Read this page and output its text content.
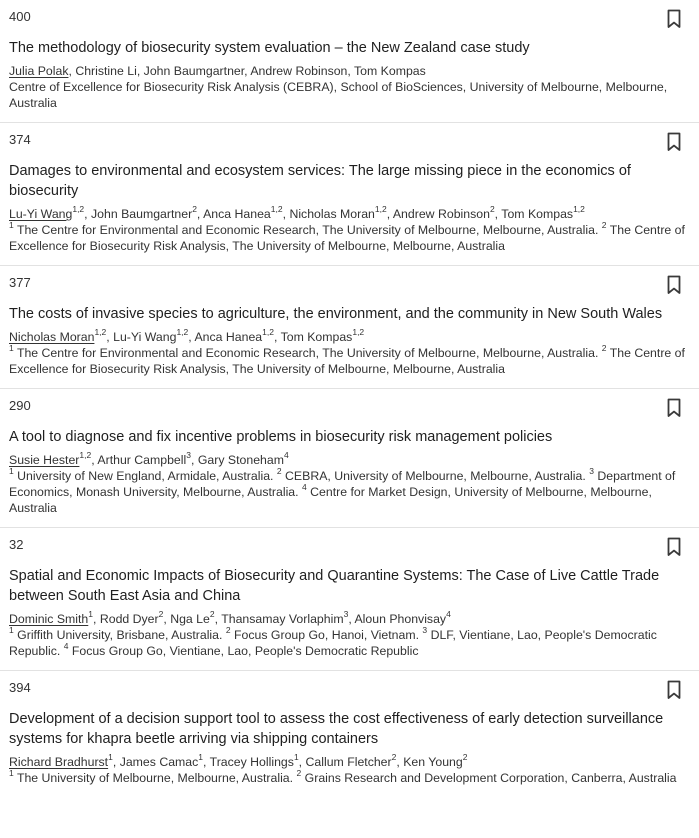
400
The methodology of biosecurity system evaluation – the New Zealand case study
Julia Polak, Christine Li, John Baumgartner, Andrew Robinson, Tom Kompas
Centre of Excellence for Biosecurity Risk Analysis (CEBRA), School of BioSciences, University of Melbourne, Melbourne, Australia
374
Damages to environmental and ecosystem services: The large missing piece in the economics of biosecurity
Lu-Yi Wang$^{1,2}$, John Baumgartner$^2$, Anca Hanea$^{1,2}$, Nicholas Moran$^{1,2}$, Andrew Robinson$^2$, Tom Kompas$^{1,2}$
$^1$ The Centre for Environmental and Economic Research, The University of Melbourne, Melbourne, Australia. $^2$ The Centre of Excellence for Biosecurity Risk Analysis, The University of Melbourne, Melbourne, Australia
377
The costs of invasive species to agriculture, the environment, and the community in New South Wales
Nicholas Moran$^{1,2}$, Lu-Yi Wang$^{1,2}$, Anca Hanea$^{1,2}$, Tom Kompas$^{1,2}$
$^1$ The Centre for Environmental and Economic Research, The University of Melbourne, Melbourne, Australia. $^2$ The Centre of Excellence for Biosecurity Risk Analysis, The University of Melbourne, Melbourne, Australia
290
A tool to diagnose and fix incentive problems in biosecurity risk management policies
Susie Hester$^{1,2}$, Arthur Campbell$^3$, Gary Stoneham$^4$
$^1$ University of New England, Armidale, Australia. $^2$ CEBRA, University of Melbourne, Melbourne, Australia. $^3$ Department of Economics, Monash University, Melbourne, Australia. $^4$ Centre for Market Design, University of Melbourne, Melbourne, Australia
32
Spatial and Economic Impacts of Biosecurity and Quarantine Systems: The Case of Live Cattle Trade between South East Asia and China
Dominic Smith$^1$, Rodd Dyer$^2$, Nga Le$^2$, Thansamay Vorlaphim$^3$, Aloun Phonvisay$^4$
$^1$ Griffith University, Brisbane, Australia. $^2$ Focus Group Go, Hanoi, Vietnam. $^3$ DLF, Vientiane, Lao, People's Democratic Republic. $^4$ Focus Group Go, Vientiane, Lao, People's Democratic Republic
394
Development of a decision support tool to assess the cost effectiveness of early detection surveillance systems for khapra beetle arriving via shipping containers
Richard Bradhurst$^1$, James Camac$^1$, Tracey Hollings$^1$, Callum Fletcher$^2$, Ken Young$^2$
$^1$ The University of Melbourne, Melbourne, Australia. $^2$ Grains Research and Development Corporation, Canberra, Australia
